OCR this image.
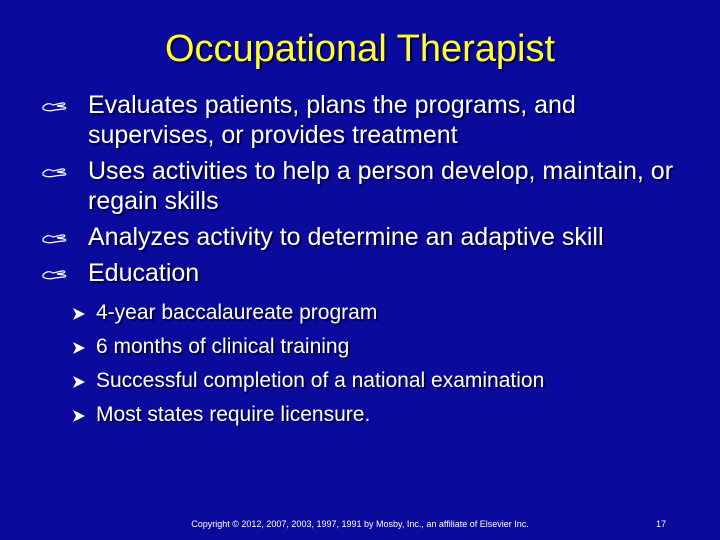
Occupational Therapist
Evaluates patients, plans the programs, and supervises, or provides treatment
Uses activities to help a person develop, maintain, or regain skills
Analyzes activity to determine an adaptive skill
Education
4-year baccalaureate program
6 months of clinical training
Successful completion of a national examination
Most states require licensure.
Copyright © 2012, 2007, 2003, 1997, 1991 by Mosby, Inc., an affiliate of Elsevier Inc.	17
